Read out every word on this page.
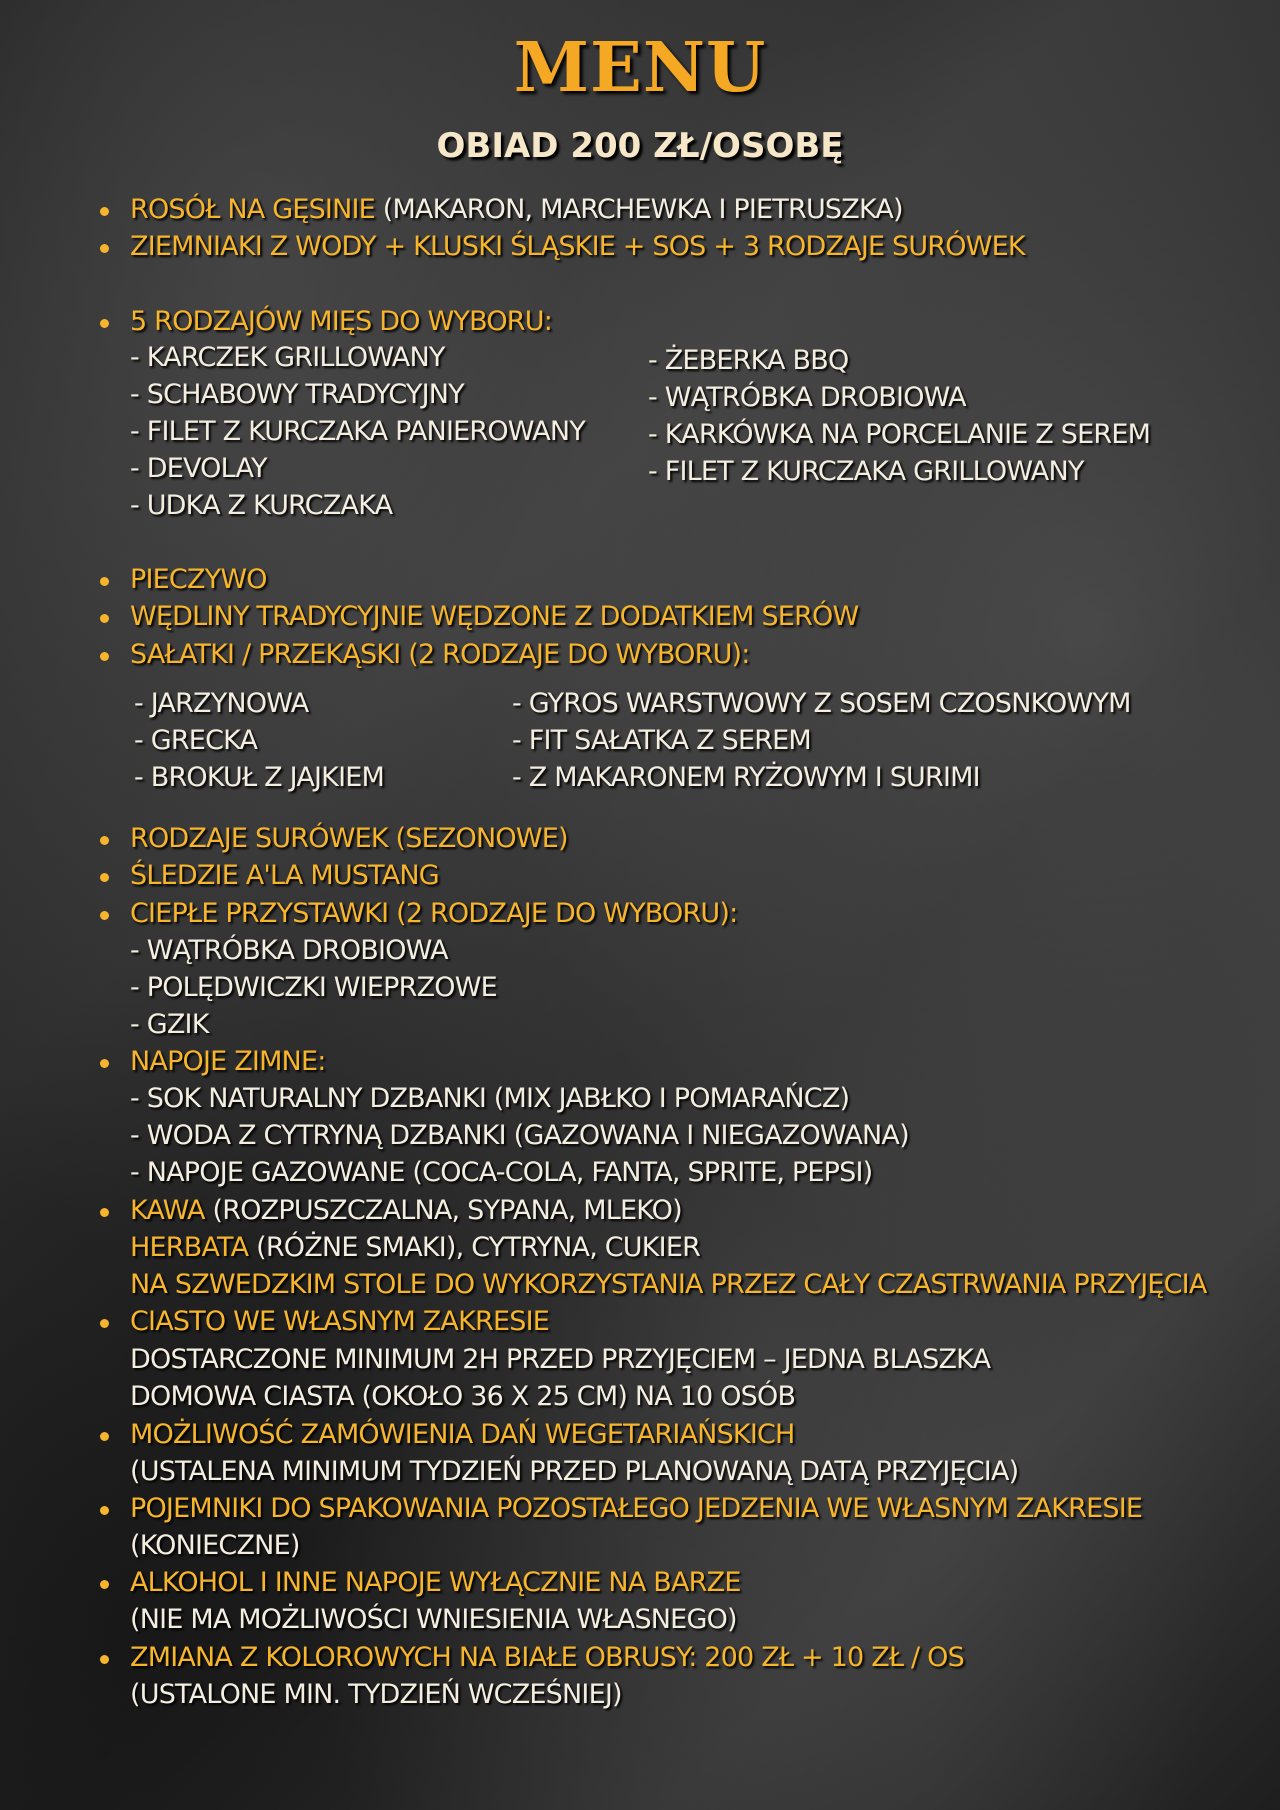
MENU
OBIAD 200 ZŁ/OSOBĘ
ROSÓŁ NA GĘSINIE (MAKARON, MARCHEWKA I PIETRUSZKA)
ZIEMNIAKI Z WODY + KLUSKI ŚLĄSKIE + SOS + 3 RODZAJE SURÓWEK
5 RODZAJÓW MIĘS DO WYBORU:
- KARCZEK GRILLOWANY
- SCHABOWY TRADYCYJNY
- FILET Z KURCZAKA PANIEROWANY
- DEVOLAY
- UDKA Z KURCZAKA
- ŻEBERKA BBQ
- WĄTRÓBKA DROBIOWA
- KARKÓWKA NA PORCELANIE Z SEREM
- FILET Z KURCZAKA GRILLOWANY
PIECZYWO
WĘDLINY TRADYCYJNIE WĘDZONE Z DODATKIEM SERÓW
SAŁATKI / PRZEKĄSKI (2 RODZAJE DO WYBORU):
- JARZYNOWA
- GRECKA
- BROKUŁ Z JAJKIEM
- GYROS WARSTWOWY Z SOSEM CZOSNKOWYM
- FIT SAŁATKA Z SEREM
- Z MAKARONEM RYŻOWYM I SURIMI
RODZAJE SURÓWEK (SEZONOWE)
ŚLEDZIE A'LA MUSTANG
CIEPŁE PRZYSTAWKI (2 RODZAJE DO WYBORU):
- WĄTRÓBKA DROBIOWA
- POLĘDWICZKI WIEPRZOWE
- GZIK
NAPOJE ZIMNE:
- SOK NATURALNY DZBANKI (MIX JABŁKO I POMARAŃCZ)
- WODA Z CYTRYNĄ DZBANKI (GAZOWANA I NIEGAZOWANA)
- NAPOJE GAZOWANE (COCA-COLA, FANTA, SPRITE, PEPSI)
KAWA (ROZPUSZCZALNA, SYPANA, MLEKO)
HERBATA (RÓŻNE SMAKI), CYTRYNA, CUKIER
NA SZWEDZKIM STOLE DO WYKORZYSTANIA PRZEZ CAŁY CZASTRWANIA PRZYJĘCIA
CIASTO WE WŁASNYM ZAKRESIE
DOSTARCZONE MINIMUM 2H PRZED PRZYJĘCIEM – JEDNA BLASZKA
DOMOWA CIASTA (OKOŁO 36 X 25 CM) NA 10 OSÓB
MOŻLIWOŚĆ ZAMÓWIENIA DAŃ WEGETARIAŃSKICH
(USTALENA MINIMUM TYDZIEŃ PRZED PLANOWANĄ DATĄ PRZYJĘCIA)
POJEMNIKI DO SPAKOWANIA POZOSTAŁEGO JEDZENIA WE WŁASNYM ZAKRESIE
(KONIECZNE)
ALKOHOL I INNE NAPOJE WYŁĄCZNIE NA BARZE
(NIE MA MOŻLIWOŚCI WNIESIENIA WŁASNEGO)
ZMIANA Z KOLOROWYCH NA BIAŁE OBRUSY: 200 ZŁ + 10 ZŁ / OS
(USTALONE MIN. TYDZIEŃ WCZEŚNIEJ)
